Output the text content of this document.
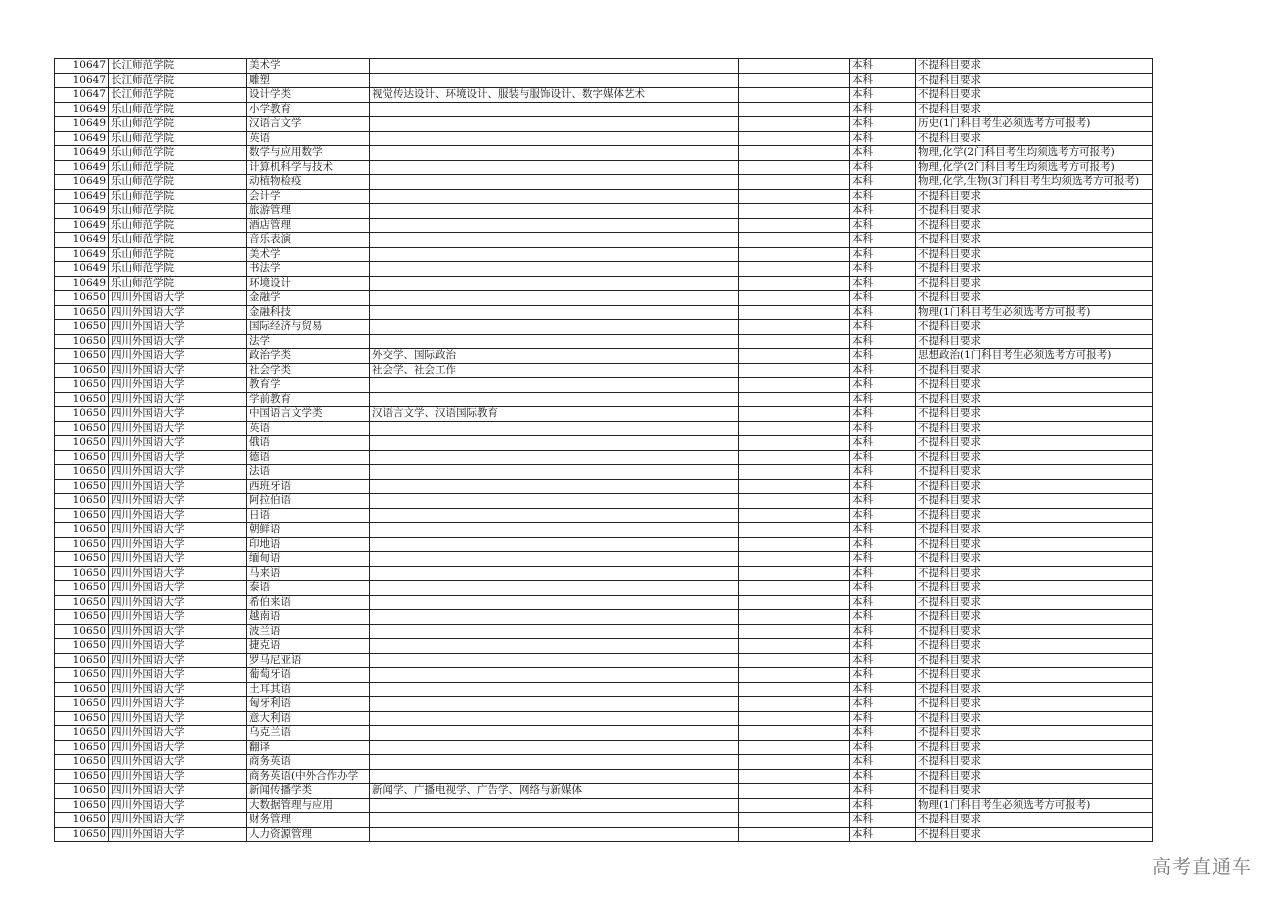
10647	长江师范学院	美术学			本科	不提科目要求
10647	长江师范学院	雕塑			本科	不提科目要求
10647	长江师范学院	设计学类	视觉传达设计、环境设计、服装与服饰设计、数字媒体艺术		本科	不提科目要求
10649	乐山师范学院	小学教育			本科	不提科目要求
10649	乐山师范学院	汉语言文学			本科	历史(1门科目考生必须选考方可报考)
10649	乐山师范学院	英语			本科	不提科目要求
10649	乐山师范学院	数学与应用数学			本科	物理,化学(2门科目考生均须选考方可报考)
10649	乐山师范学院	计算机科学与技术			本科	物理,化学(2门科目考生均须选考方可报考)
10649	乐山师范学院	动植物检疫			本科	物理,化学,生物(3门科目考生均须选考方可报考)
10649	乐山师范学院	会计学			本科	不提科目要求
10649	乐山师范学院	旅游管理			本科	不提科目要求
10649	乐山师范学院	酒店管理			本科	不提科目要求
10649	乐山师范学院	音乐表演			本科	不提科目要求
10649	乐山师范学院	美术学			本科	不提科目要求
10649	乐山师范学院	书法学			本科	不提科目要求
10649	乐山师范学院	环境设计			本科	不提科目要求
10650	四川外国语大学	金融学			本科	不提科目要求
10650	四川外国语大学	金融科技			本科	物理(1门科目考生必须选考方可报考)
10650	四川外国语大学	国际经济与贸易			本科	不提科目要求
10650	四川外国语大学	法学			本科	不提科目要求
10650	四川外国语大学	政治学类	外交学、国际政治		本科	思想政治(1门科目考生必须选考方可报考)
10650	四川外国语大学	社会学类	社会学、社会工作		本科	不提科目要求
10650	四川外国语大学	教育学			本科	不提科目要求
10650	四川外国语大学	学前教育			本科	不提科目要求
10650	四川外国语大学	中国语言文学类	汉语言文学、汉语国际教育		本科	不提科目要求
10650	四川外国语大学	英语			本科	不提科目要求
10650	四川外国语大学	俄语			本科	不提科目要求
10650	四川外国语大学	德语			本科	不提科目要求
10650	四川外国语大学	法语			本科	不提科目要求
10650	四川外国语大学	西班牙语			本科	不提科目要求
10650	四川外国语大学	阿拉伯语			本科	不提科目要求
10650	四川外国语大学	日语			本科	不提科目要求
10650	四川外国语大学	朝鲜语			本科	不提科目要求
10650	四川外国语大学	印地语			本科	不提科目要求
10650	四川外国语大学	缅甸语			本科	不提科目要求
10650	四川外国语大学	马来语			本科	不提科目要求
10650	四川外国语大学	泰语			本科	不提科目要求
10650	四川外国语大学	希伯来语			本科	不提科目要求
10650	四川外国语大学	越南语			本科	不提科目要求
10650	四川外国语大学	波兰语			本科	不提科目要求
10650	四川外国语大学	捷克语			本科	不提科目要求
10650	四川外国语大学	罗马尼亚语			本科	不提科目要求
10650	四川外国语大学	葡萄牙语			本科	不提科目要求
10650	四川外国语大学	土耳其语			本科	不提科目要求
10650	四川外国语大学	匈牙利语			本科	不提科目要求
10650	四川外国语大学	意大利语			本科	不提科目要求
10650	四川外国语大学	乌克兰语			本科	不提科目要求
10650	四川外国语大学	翻译			本科	不提科目要求
10650	四川外国语大学	商务英语			本科	不提科目要求
10650	四川外国语大学	商务英语(中外合作办学			本科	不提科目要求
10650	四川外国语大学	新闻传播学类	新闻学、广播电视学、广告学、网络与新媒体		本科	不提科目要求
10650	四川外国语大学	大数据管理与应用			本科	物理(1门科目考生必须选考方可报考)
10650	四川外国语大学	财务管理			本科	不提科目要求
10650	四川外国语大学	人力资源管理			本科	不提科目要求
高考直通车
